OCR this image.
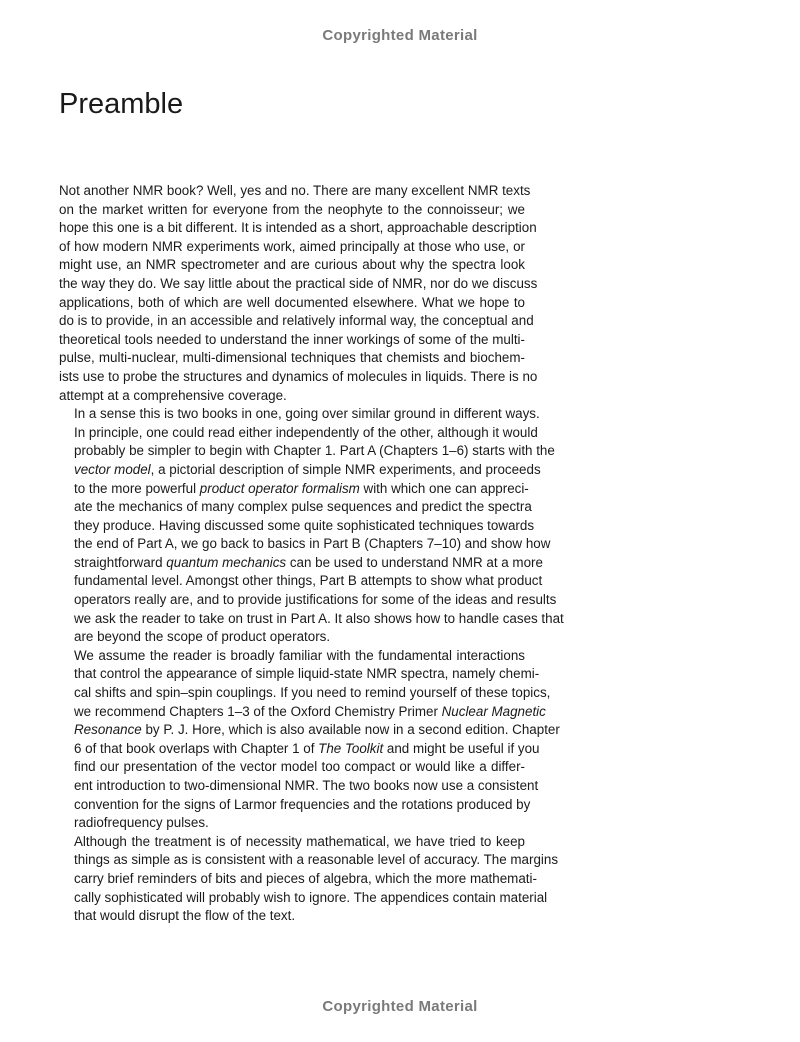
Copyrighted Material
Preamble

Not another NMR book? Well, yes and no. There are many excellent NMR texts
on the market written for everyone from the neophyte to the connoisseur; we
hope this one is a bit different. It is intended as a short, approachable description
of how modern NMR experiments work, aimed principally at those who use, or
might use, an NMR spectrometer and are curious about why the spectra look
the way they do. We say little about the practical side of NMR, nor do we discuss
applications, both of which are well documented elsewhere. What we hope to
do is to provide, in an accessible and relatively informal way, the conceptual and
theoretical tools needed to understand the inner workings of some of the multi-
pulse, multi-nuclear, multi-dimensional techniques that chemists and biochem-
ists use to probe the structures and dynamics of molecules in liquids. There is no
attempt at a comprehensive coverage.

In a sense this is two books in one, going over similar ground in different ways.
In principle, one could read either independently of the other, although it would
probably be simpler to begin with Chapter 1. Part A (Chapters 1–6) starts with the
vector model, a pictorial description of simple NMR experiments, and proceeds
to the more powerful product operator formalism with which one can appreci-
ate the mechanics of many complex pulse sequences and predict the spectra
they produce. Having discussed some quite sophisticated techniques towards
the end of Part A, we go back to basics in Part B (Chapters 7–10) and show how
straightforward quantum mechanics can be used to understand NMR at a more
fundamental level. Amongst other things, Part B attempts to show what product
operators really are, and to provide justifications for some of the ideas and results
we ask the reader to take on trust in Part A. It also shows how to handle cases that
are beyond the scope of product operators.

We assume the reader is broadly familiar with the fundamental interactions
that control the appearance of simple liquid-state NMR spectra, namely chemi-
cal shifts and spin–spin couplings. If you need to remind yourself of these topics,
we recommend Chapters 1–3 of the Oxford Chemistry Primer Nuclear Magnetic
Resonance by P. J. Hore, which is also available now in a second edition. Chapter
6 of that book overlaps with Chapter 1 of The Toolkit and might be useful if you
find our presentation of the vector model too compact or would like a differ-
ent introduction to two-dimensional NMR. The two books now use a consistent
convention for the signs of Larmor frequencies and the rotations produced by
radiofrequency pulses.

Although the treatment is of necessity mathematical, we have tried to keep
things as simple as is consistent with a reasonable level of accuracy. The margins
carry brief reminders of bits and pieces of algebra, which the more mathemati-
cally sophisticated will probably wish to ignore. The appendices contain material
that would disrupt the flow of the text.

Copyrighted Material
